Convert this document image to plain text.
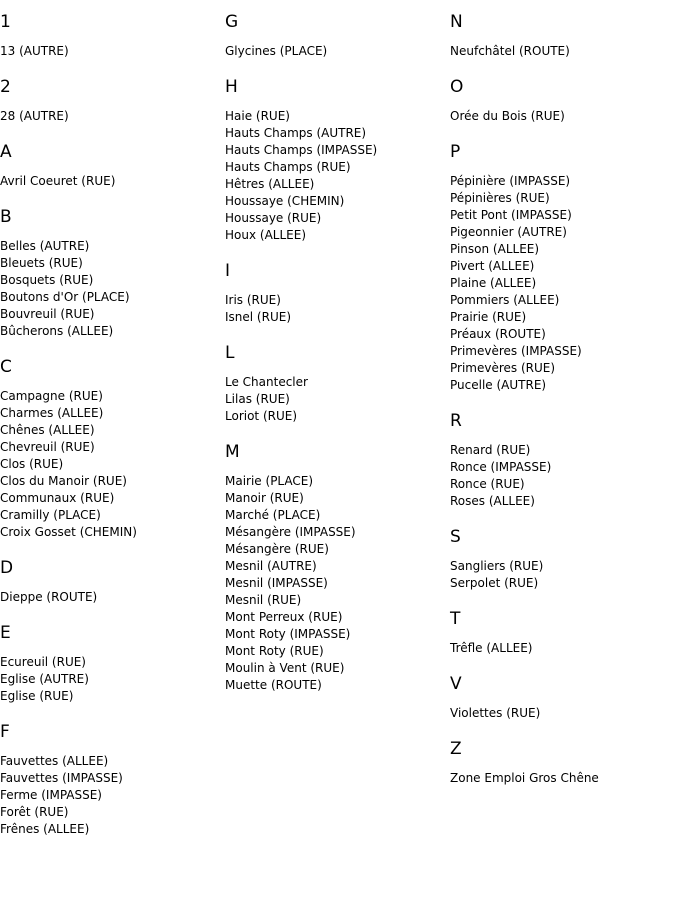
1
13 (AUTRE)
2
28 (AUTRE)
A
Avril Coeuret (RUE)
B
Belles (AUTRE)
Bleuets (RUE)
Bosquets (RUE)
Boutons d'Or (PLACE)
Bouvreuil (RUE)
Bûcherons (ALLEE)
C
Campagne (RUE)
Charmes (ALLEE)
Chênes (ALLEE)
Chevreuil (RUE)
Clos (RUE)
Clos du Manoir (RUE)
Communaux (RUE)
Cramilly (PLACE)
Croix Gosset (CHEMIN)
D
Dieppe (ROUTE)
E
Ecureuil (RUE)
Eglise (AUTRE)
Eglise (RUE)
F
Fauvettes (ALLEE)
Fauvettes (IMPASSE)
Ferme (IMPASSE)
Forêt (RUE)
Frênes (ALLEE)
G
Glycines (PLACE)
H
Haie (RUE)
Hauts Champs (AUTRE)
Hauts Champs (IMPASSE)
Hauts Champs (RUE)
Hêtres (ALLEE)
Houssaye (CHEMIN)
Houssaye (RUE)
Houx (ALLEE)
I
Iris (RUE)
Isnel (RUE)
L
Le Chantecler
Lilas (RUE)
Loriot (RUE)
M
Mairie (PLACE)
Manoir (RUE)
Marché (PLACE)
Mésangère (IMPASSE)
Mésangère (RUE)
Mesnil (AUTRE)
Mesnil (IMPASSE)
Mesnil (RUE)
Mont Perreux (RUE)
Mont Roty (IMPASSE)
Mont Roty (RUE)
Moulin à Vent (RUE)
Muette (ROUTE)
N
Neufchâtel (ROUTE)
O
Orée du Bois (RUE)
P
Pépinière (IMPASSE)
Pépinières (RUE)
Petit Pont (IMPASSE)
Pigeonnier (AUTRE)
Pinson (ALLEE)
Pivert (ALLEE)
Plaine (ALLEE)
Pommiers (ALLEE)
Prairie (RUE)
Préaux (ROUTE)
Primevères (IMPASSE)
Primevères (RUE)
Pucelle (AUTRE)
R
Renard (RUE)
Ronce (IMPASSE)
Ronce (RUE)
Roses (ALLEE)
S
Sangliers (RUE)
Serpolet (RUE)
T
Trêfle (ALLEE)
V
Violettes (RUE)
Z
Zone Emploi Gros Chêne
